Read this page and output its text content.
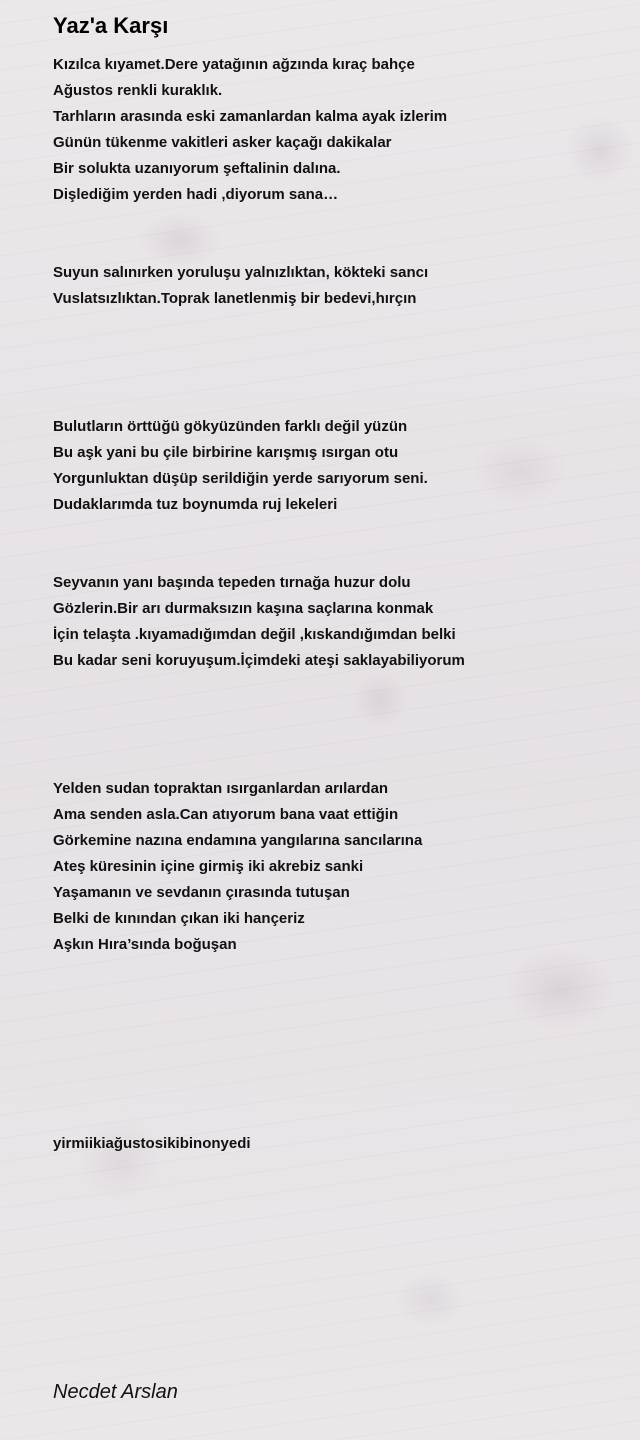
Yaz'a Karşı

Kızılca kıyamet.Dere yatağının ağzında kıraç bahçe
Ağustos renkli kuraklık.
Tarhların arasında eski zamanlardan kalma ayak izlerim
Günün tükenme vakitleri asker kaçağı dakikalar
Bir solukta uzanıyorum şeftalinin dalına.
Dişlediğim yerden hadi ,diyorum sana…

Suyun salınırken yoruluşu yalnızlıktan, kökteki sancı
Vuslatsızlıktan.Toprak lanetlenmiş bir bedevi,hırçın

Bulutların örttüğü gökyüzünden farklı değil yüzün
Bu aşk yani bu çile birbirine karışmış ısırgan otu
Yorgunluktan düşüp serildiğin yerde sarıyorum seni.
Dudaklarımda tuz boynumda ruj lekeleri

Seyvanın yanı başında tepeden tırnağa huzur dolu
Gözlerin.Bir arı durmaksızın kaşına saçlarına konmak
İçin telaşta .kıyamadığımdan değil ,kıskandığımdan belki
Bu kadar seni koruyuşum.İçimdeki ateşi saklayabiliyorum

Yelden sudan topraktan ısırganlardan arılardan
Ama senden asla.Can atıyorum bana vaat ettiğin
Görkemine nazına endamına yangılarına sancılarına
Ateş küresinin içine girmiş iki akrebiz sanki
Yaşamanın ve sevdanın çırasında tutuşan
Belki de kınından çıkan iki hançeriz
Aşkın Hıra’sında boğuşan

yirmiikiağustosikibinonyedi
Necdet Arslan
